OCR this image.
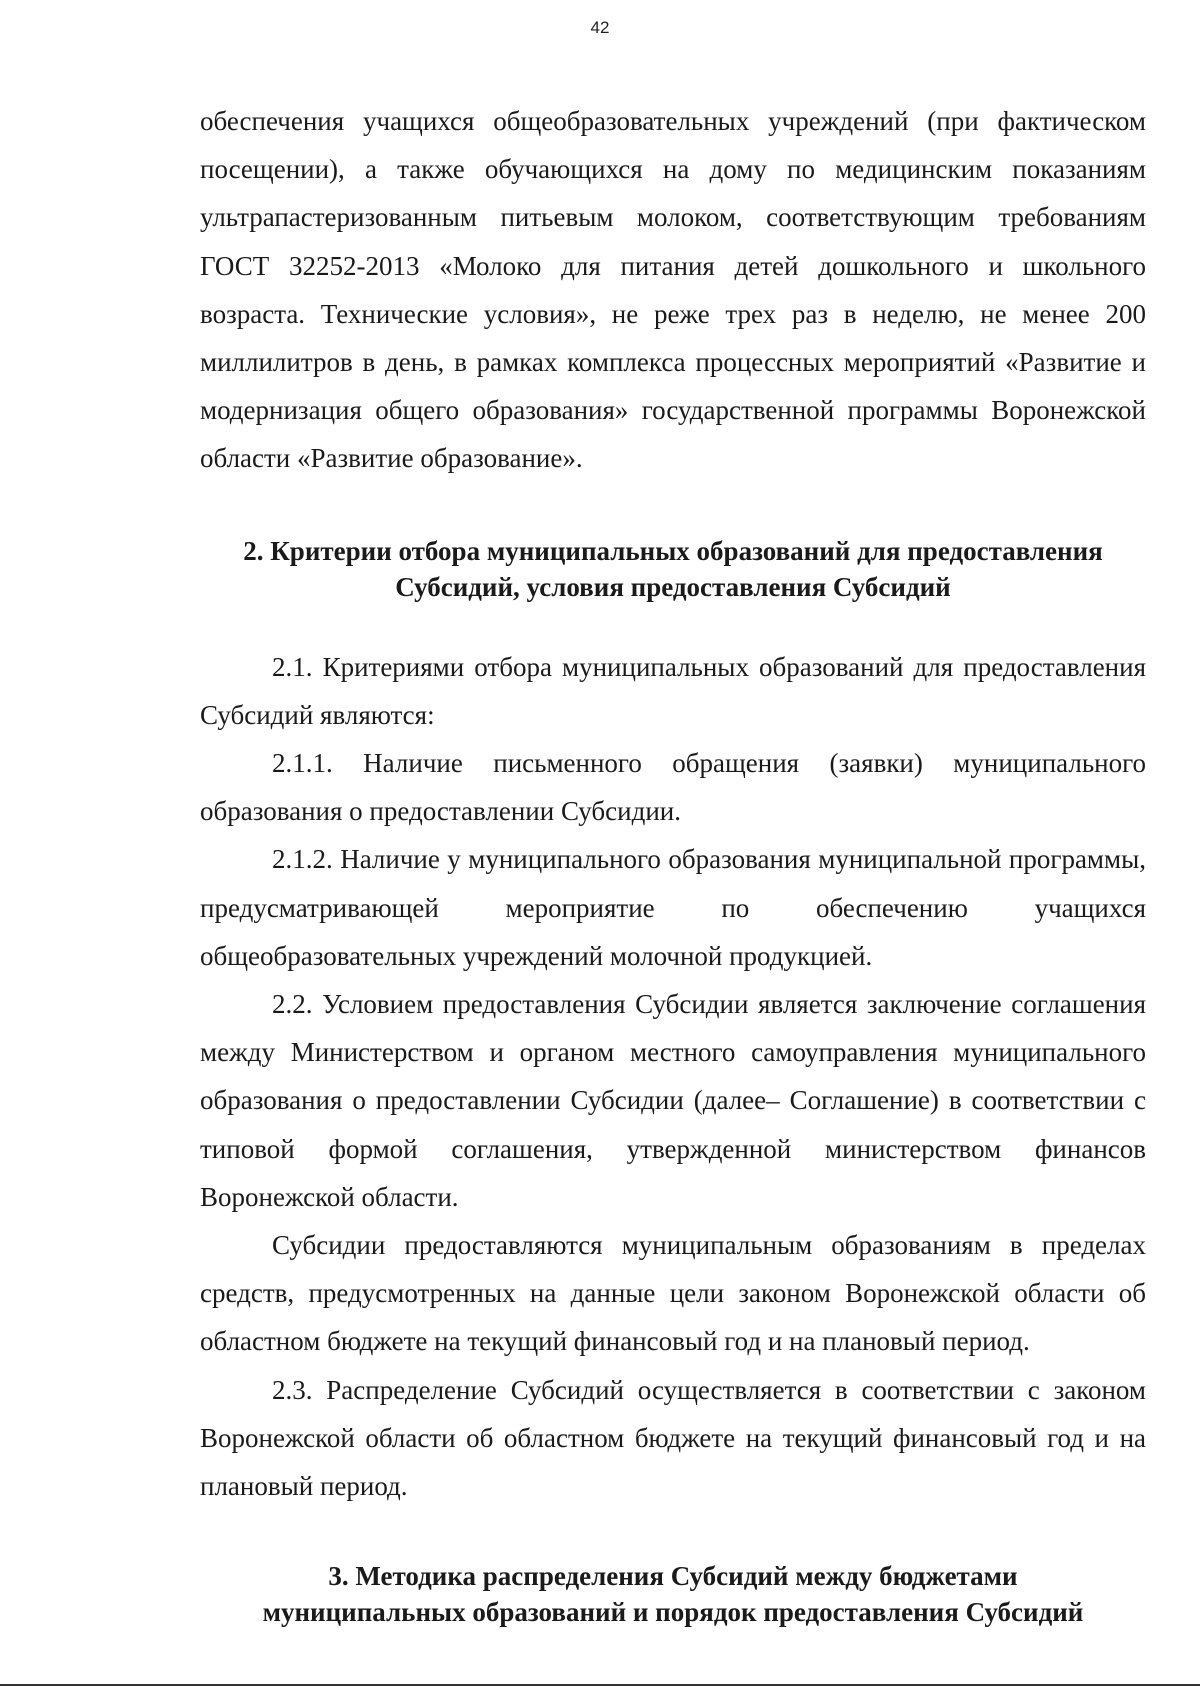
42

обеспечения учащихся общеобразовательных учреждений (при фактическом посещении), а также обучающихся на дому по медицинским показаниям ультрапастеризованным питьевым молоком, соответствующим требованиям ГОСТ 32252-2013 «Молоко для питания детей дошкольного и школьного возраста. Технические условия», не реже трех раз в неделю, не менее 200 миллилитров в день, в рамках комплекса процессных мероприятий «Развитие и модернизация общего образования» государственной программы Воронежской области «Развитие образование».

2. Критерии отбора муниципальных образований для предоставления
Субсидий, условия предоставления Субсидий

2.1. Критериями отбора муниципальных образований для предоставления Субсидий являются:

2.1.1. Наличие письменного обращения (заявки) муниципального образования о предоставлении Субсидии.

2.1.2. Наличие у муниципального образования муниципальной программы, предусматривающей мероприятие по обеспечению учащихся общеобразовательных учреждений молочной продукцией.

2.2. Условием предоставления Субсидии является заключение соглашения между Министерством и органом местного самоуправления муниципального образования о предоставлении Субсидии (далее– Соглашение) в соответствии с типовой формой соглашения, утвержденной министерством финансов Воронежской области.

Субсидии предоставляются муниципальным образованиям в пределах средств, предусмотренных на данные цели законом Воронежской области об областном бюджете на текущий финансовый год и на плановый период.

2.3. Распределение Субсидий осуществляется в соответствии с законом Воронежской области об областном бюджете на текущий финансовый год и на плановый период.

3. Методика распределения Субсидий между бюджетами
муниципальных образований и порядок предоставления Субсидий
